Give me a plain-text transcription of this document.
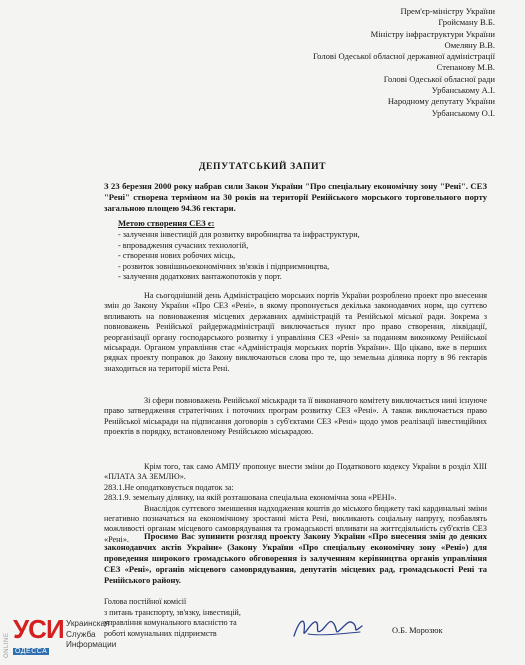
Прем'єр-міністру України
Гройсману В.Б.
Міністру інфраструктури України
Омеляну В.В.
Голові Одеської обласної державної адміністрації
Степанову М.В.
Голові Одеської обласної ради
Урбанському А.І.
Народному депутату України
Урбанському О.І.
ДЕПУТАТСЬКИЙ ЗАПИТ
З 23 березня 2000 року набрав сили Закон України "Про спеціальну економічну зону "Рені". СЕЗ "Рені" створена терміном на 30 років на території Ренійського морського торговельного порту загальною площею 94.36 гектари.
Метою створення СЕЗ є:
- залучення інвестицій для розвитку виробництва та інфраструктури,
- впровадження сучасних технологій,
- створення нових робочих місць,
- розвиток зовнішньоекономічних зв'язків і підприємництва,
- залучення додаткових вантажопотоків у порт.
На сьогоднішній день Адміністрацією морських портів України розроблено проект про внесення змін до Закону України «Про СЕЗ «Рені», в якому пропонується декілька законодавчих норм, що суттєво впливають на повноваження місцевих державних адміністрацій та Ренійської міської ради. Зокрема з повноважень Ренійської райдержадміністрації виключається пункт про право створення, ліквідації, реорганізації органу господарського розвитку і управління СЕЗ «Рені» за поданням виконкому Ренійської міськради. Органом управління стає «Адміністрація морських портів України». Що цікаво, вже в перших рядках проекту поправок до Закону виключаються слова про те, що земельна ділянка порту в 96 гектарів знаходиться на території міста Рені.
Зі сфери повноважень Ренійської міськради та її виконавчого комітету виключається нині існуюче право затвердження стратегічних і поточних програм розвитку СЕЗ «Рені». А також виключається право Ренійської міськради на підписання договорів з суб'єктами СЕЗ «Рені» щодо умов реалізації інвестиційних проектів в порядку, встановленому Ренійською міськрадою.
Крім того, так само АМПУ пропонує внести зміни до Податкового кодексу України в розділ XIII «ПЛАТА ЗА ЗЕМЛЮ».
283.1.Не оподатковується податок за:
283.1.9. земельну ділянку, на якій розташована спеціальна економічна зона «РЕНІ».
Внаслідок суттєвого зменшення надходження коштів до міського бюджету такі кардинальні зміни негативно позначаться на економічному зростанні міста Рені, викликають соціальну напругу, позбавлять можливості органам місцевого самоврядування та громадськості впливати на життєдіяльність суб'єктів СЕЗ «Рені».	Просимо Вас зупинити розгляд проекту Закону України «Про внесення змін до деяких законодавчих актів України» (Закону України «Про спеціальну економічну зону «Рені») для проведення широкого громадського обговорення із залученням керівництва органів управління СЕЗ «Рені», органів місцевого самоврядування, депутатів місцевих рад, громадськості Рені та Ренійського району.
Голова постійної комісії
з питань транспорту, зв'язку, інвестицій,
управління комунального власністю та
роботі комунальних підприємств	О.Б. Морозюк
ONLINE
УСИ
ОДЕССА
Украинская
Служба
Информации
